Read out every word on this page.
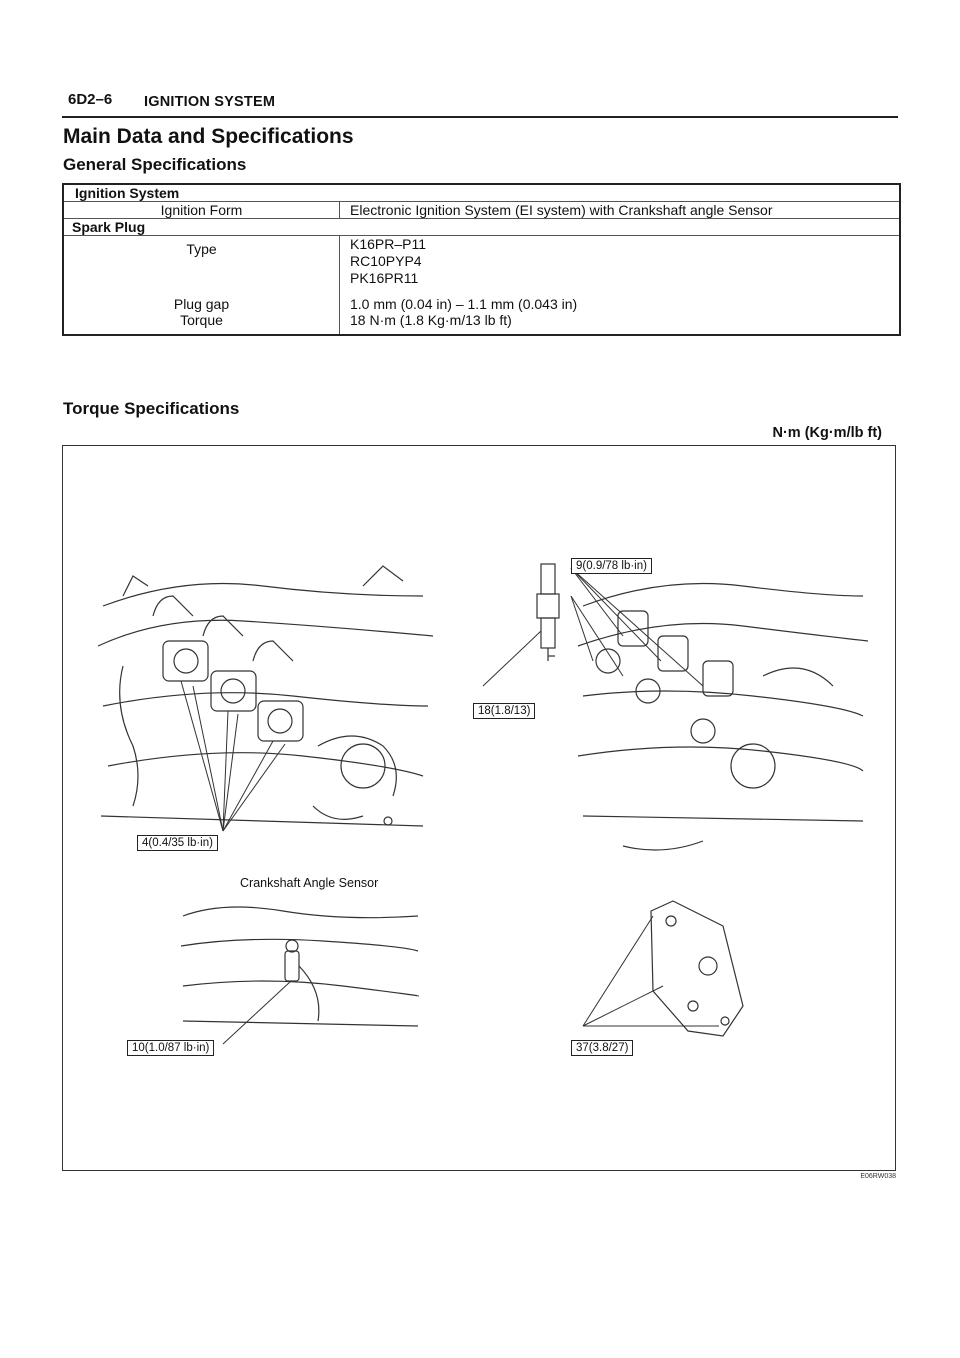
6D2–6 IGNITION SYSTEM
Main Data and Specifications
General Specifications
Ignition System	
Ignition Form	Electronic Ignition System (EI system) with Crankshaft angle Sensor
Spark Plug	
Type	K16PR–P11
RC10PYP4
PK16PR11

Plug gap	1.0 mm (0.04 in) – 1.1 mm (0.043 in)
Torque	18 N·m (1.8 Kg·m/13 lb ft)
Torque Specifications
N·m (Kg·m/lb ft)
9(0.9/78 lb·in)
18(1.8/13)
4(0.4/35 lb·in)
Crankshaft Angle Sensor
10(1.0/87 lb·in)	37(3.8/27)
E06RW038
